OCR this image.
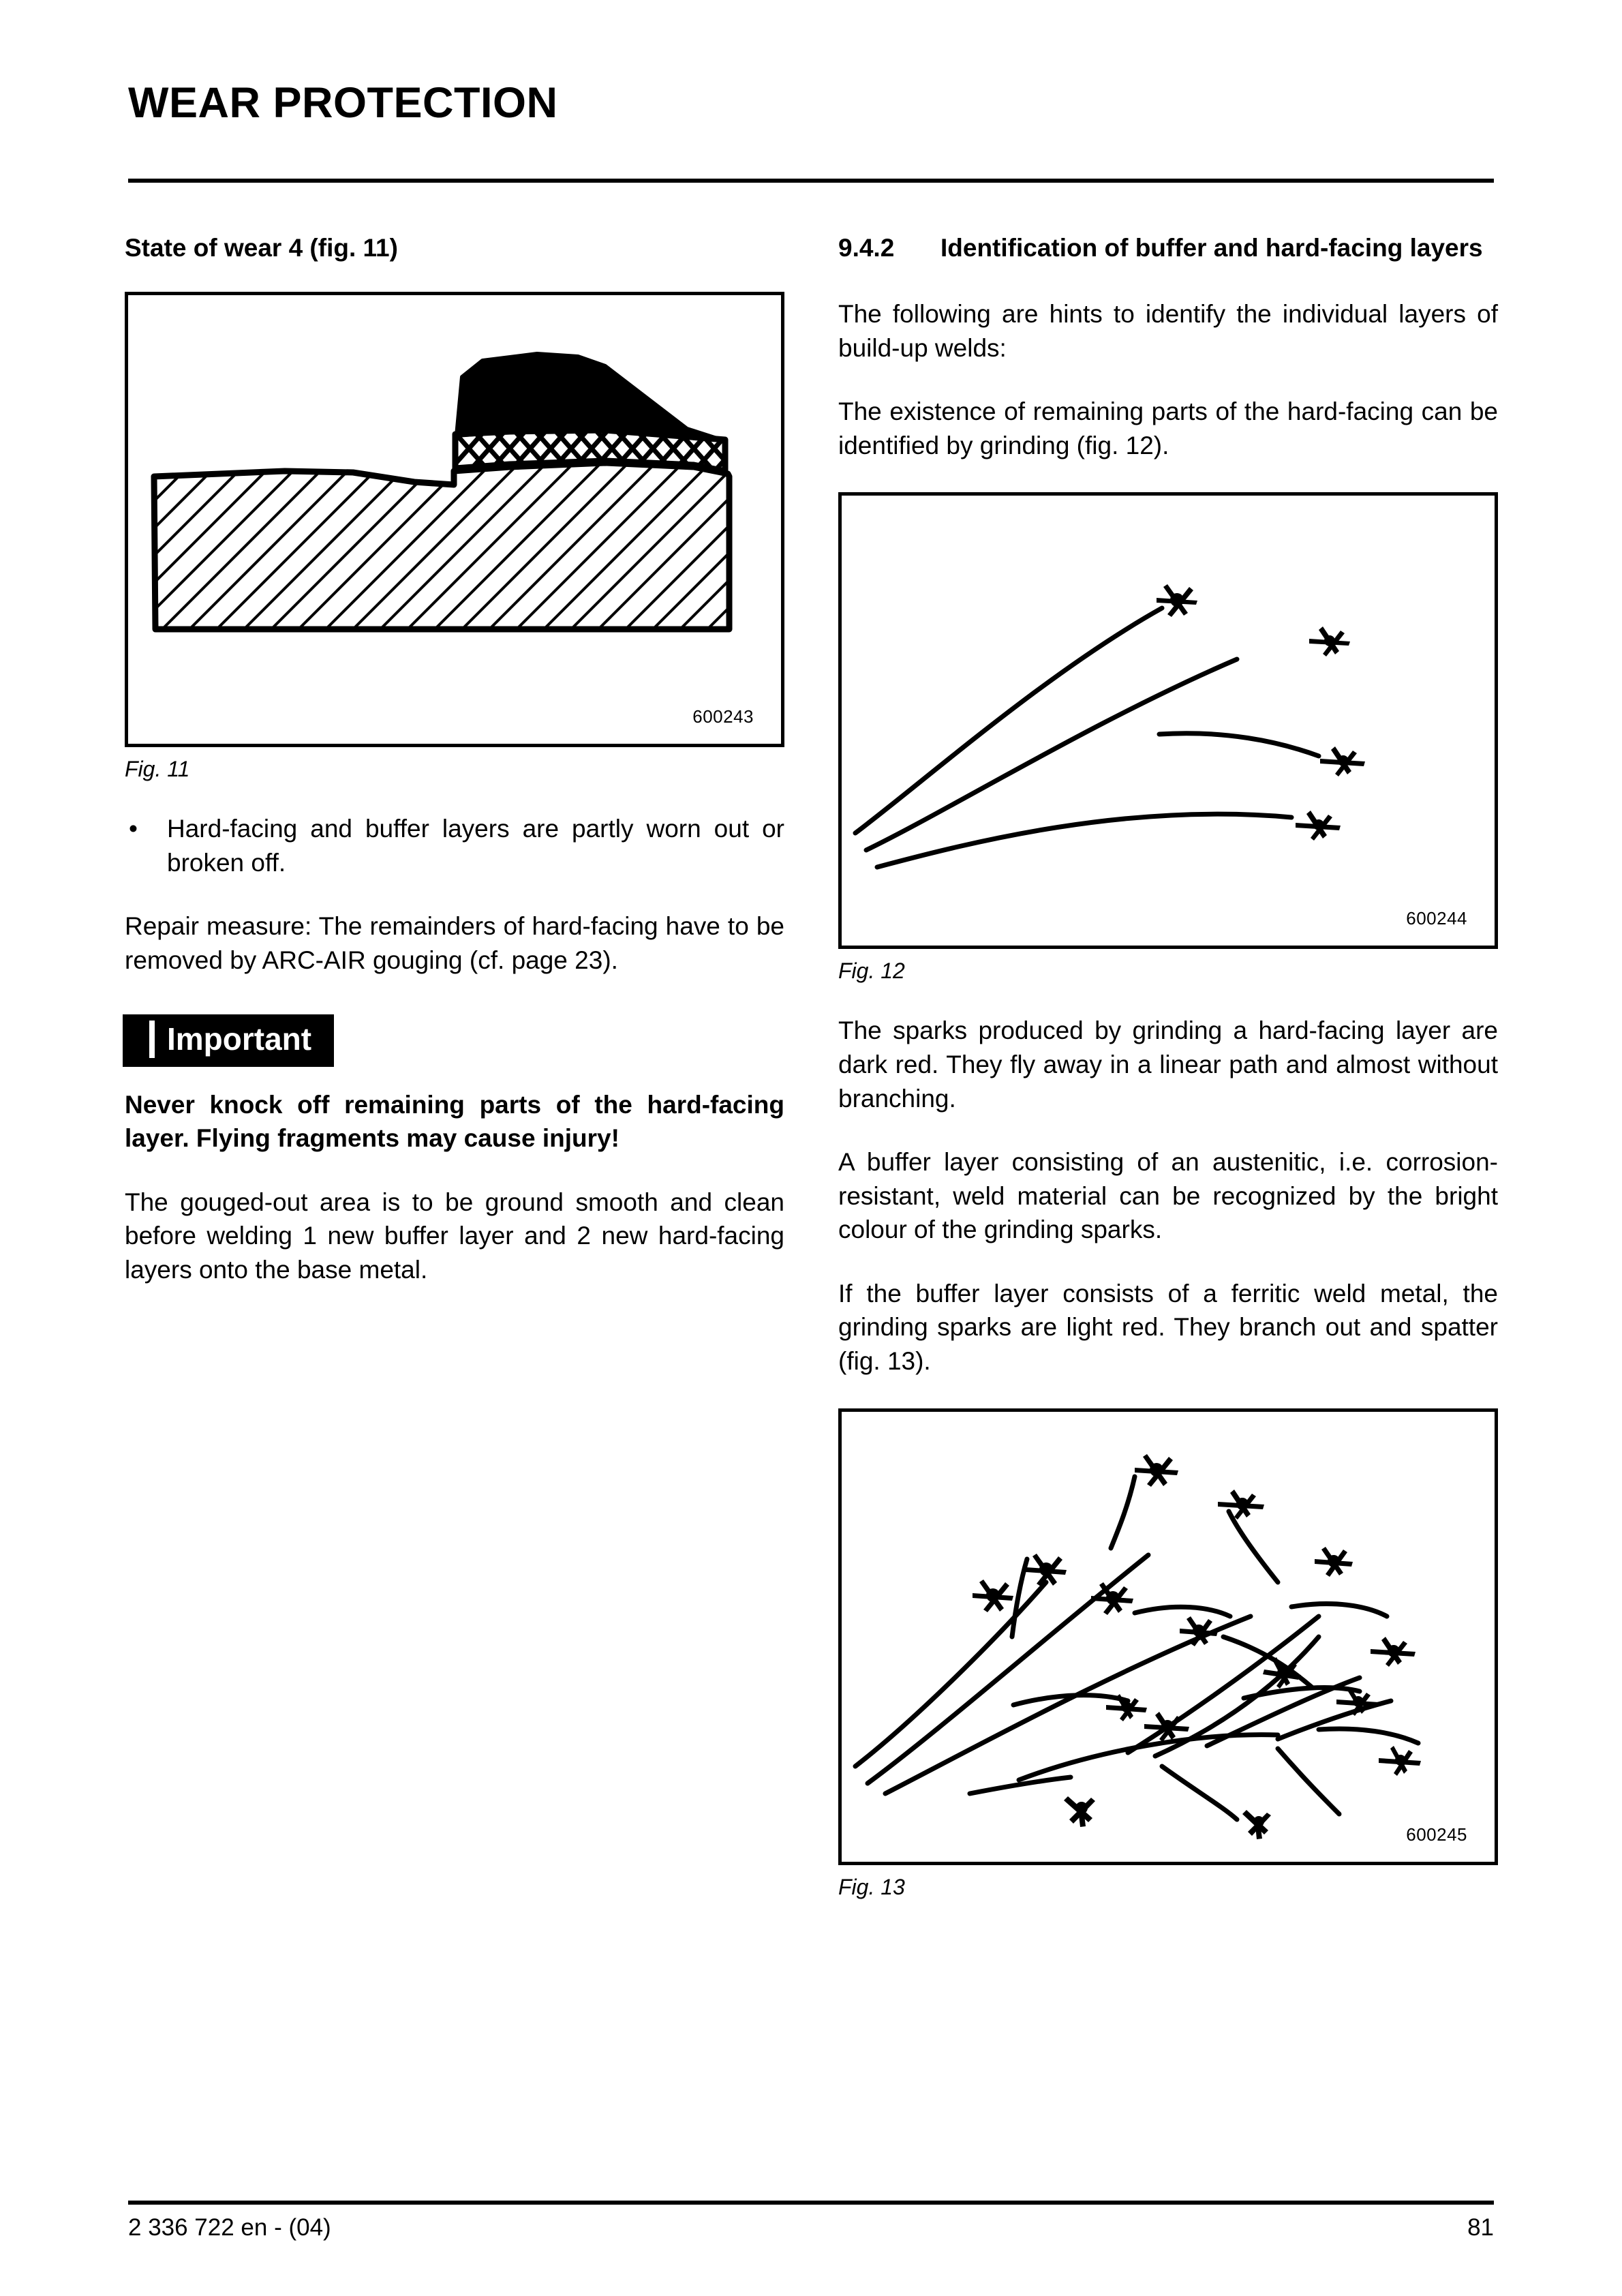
WEAR PROTECTION
State of wear 4 (fig. 11)
600243
Fig. 11
•	Hard-facing and buffer layers are partly worn out or broken off.

Repair measure: The remainders of hard-facing have to be removed by ARC-AIR gouging (cf. page 23).

Important

Never knock off remaining parts of the hard-facing layer. Flying fragments may cause injury!

The gouged-out area is to be ground smooth and clean before welding 1 new buffer layer and 2 new hard-facing layers onto the base metal.

9.4.2 Identification of buffer and hard-facing layers

The following are hints to identify the individual layers of build-up welds:

The existence of remaining parts of the hard-facing can be identified by grinding (fig. 12).

600244
Fig. 12

The sparks produced by grinding a hard-facing layer are dark red. They fly away in a linear path and almost without branching.

A buffer layer consisting of an austenitic, i.e. corrosion-resistant, weld material can be recognized by the bright colour of the grinding sparks.

If the buffer layer consists of a ferritic weld metal, the grinding sparks are light red. They branch out and spatter (fig. 13).

600245
Fig. 13
2 336 722 en - (04)	81
